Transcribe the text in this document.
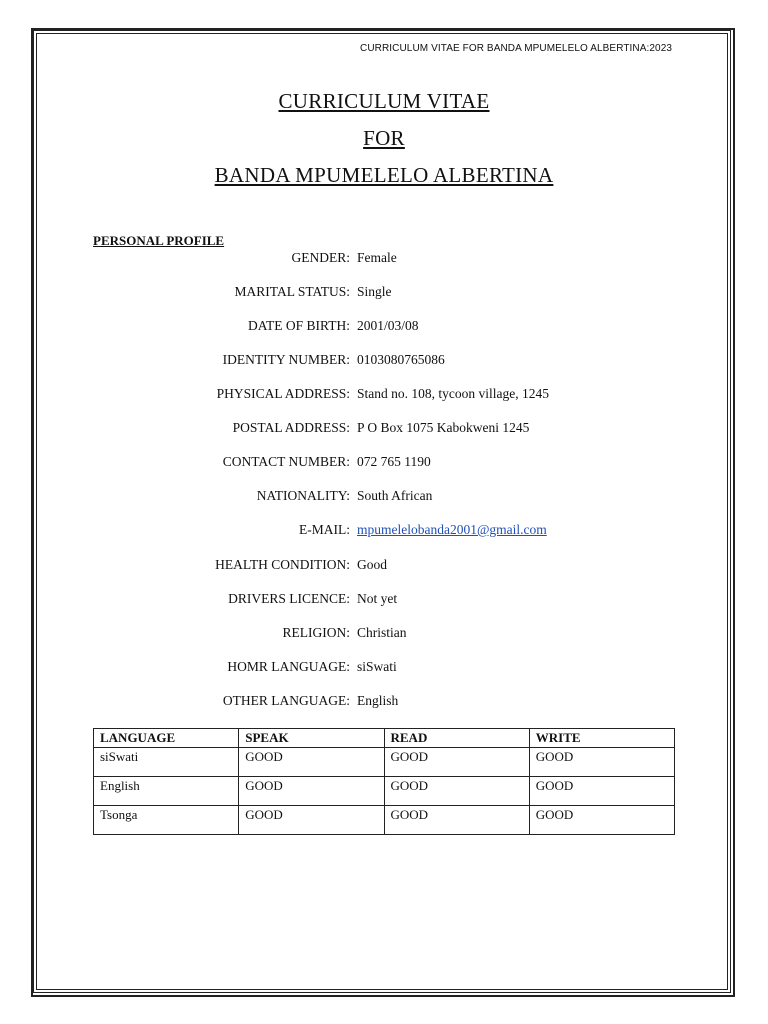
CURRICULUM VITAE FOR BANDA MPUMELELO ALBERTINA:2023
CURRICULUM VITAE
FOR
BANDA MPUMELELO ALBERTINA
PERSONAL PROFILE
GENDER: Female
MARITAL STATUS: Single
DATE OF BIRTH: 2001/03/08
IDENTITY NUMBER: 0103080765086
PHYSICAL ADDRESS: Stand no. 108, tycoon village, 1245
POSTAL ADDRESS: P O Box 1075 Kabokweni 1245
CONTACT NUMBER: 072 765 1190
NATIONALITY: South African
E-MAIL: mpumelelobanda2001@gmail.com
HEALTH CONDITION: Good
DRIVERS LICENCE: Not yet
RELIGION: Christian
HOMR LANGUAGE: siSwati
OTHER LANGUAGE: English
LANGUAGE	SPEAK	READ	WRITE
siSwati	GOOD	GOOD	GOOD
English	GOOD	GOOD	GOOD
Tsonga	GOOD	GOOD	GOOD
